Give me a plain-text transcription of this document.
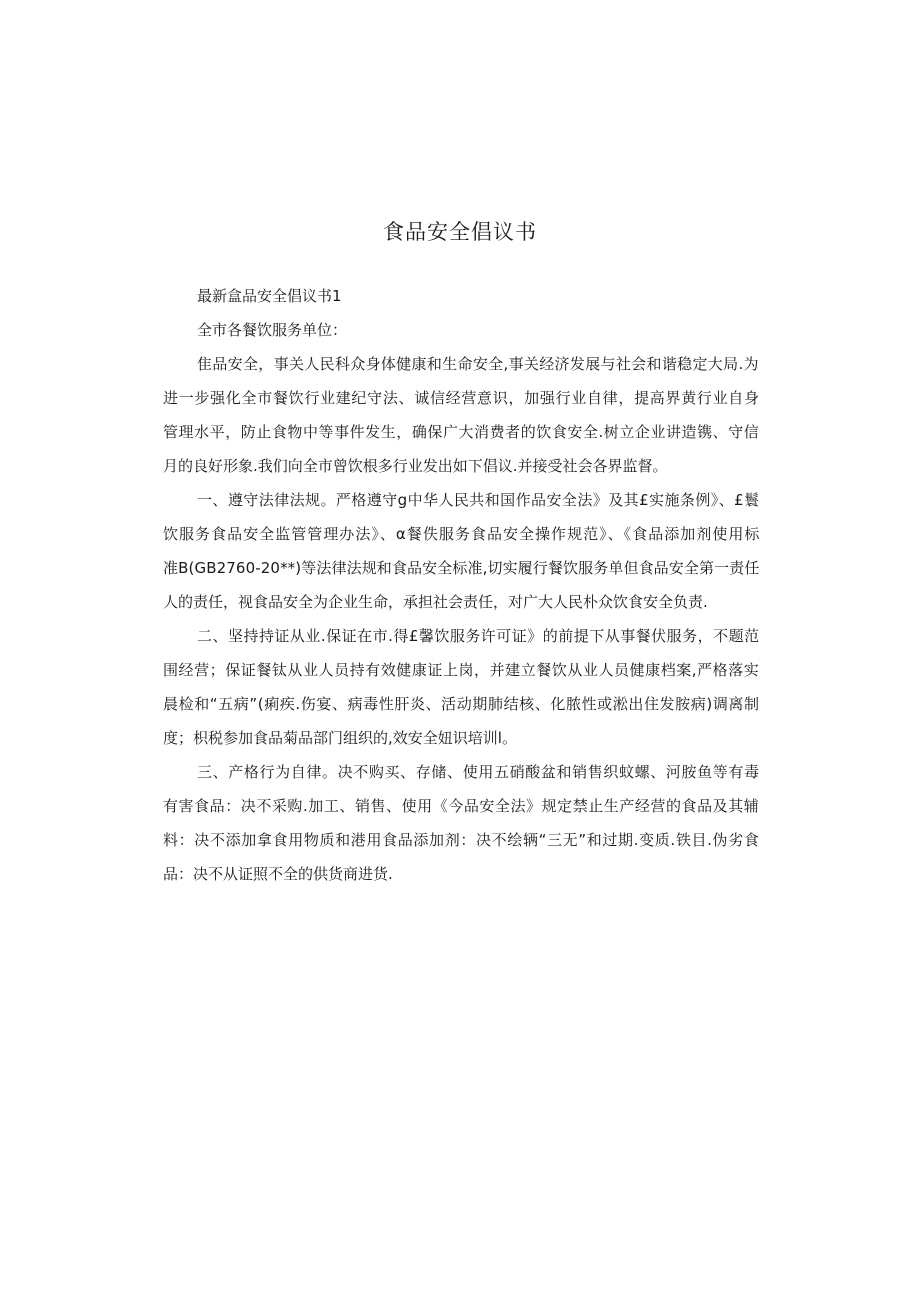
食品安全倡议书
最新盒品安全倡议书1
全市各餐饮服务单位：
隹品安全，事关人民科众身体健康和生命安全,事关经济发展与社会和谐稳定大局.为
进一步强化全市餐饮行业建纪守法、诚信经营意识，加强行业自律，提高界黄行业自身
管理水平，防止食物中等事件发生，确保广大消费者的饮食安全.树立企业讲造镌、守信
月的良好形象.我们向全市曾饮根多行业发出如下倡议.并接受社会各界监督。
一、遵守法律法规。严格遵守g中华人民共和国作品安全法》及其£实施条例》、£鬟
饮服务食品安全监管管理办法》、α餐佚服务食品安全操作规范》、《食品添加剂使用标
准B(GB2760-20**)等法律法规和食品安全标准,切实履行餐饮服务单但食品安全第一责任
人的责任，视食品安全为企业生命，承担社会责任，对广大人民朴众饮食安全负责.
二、坚持持证从业.保证在市.得£馨饮服务许可证》的前提下从事餐伏服务，不题范
围经营；保证餐钛从业人员持有效健康证上岗，并建立餐饮从业人员健康档案,严格落实
晨检和“五病”(痢疾.伤宴、病毒性肝炎、活动期肺结核、化脓性或淞出住发胺病)调离制
度；枳税参加食品菊品部门组织的,效安全妞识培训l。
三、产格行为自律。决不购买、存储、使用五硝酸盆和销售织蚊螺、河胺鱼等有毒
有害食品：决不采购.加工、销售、使用《今品安全法》规定禁止生产经营的食品及其辅
料：决不添加拿食用物质和港用食品添加剂：决不绘辆“三无”和过期.变质.铁目.伪劣食
品：决不从证照不全的供货商进货.
